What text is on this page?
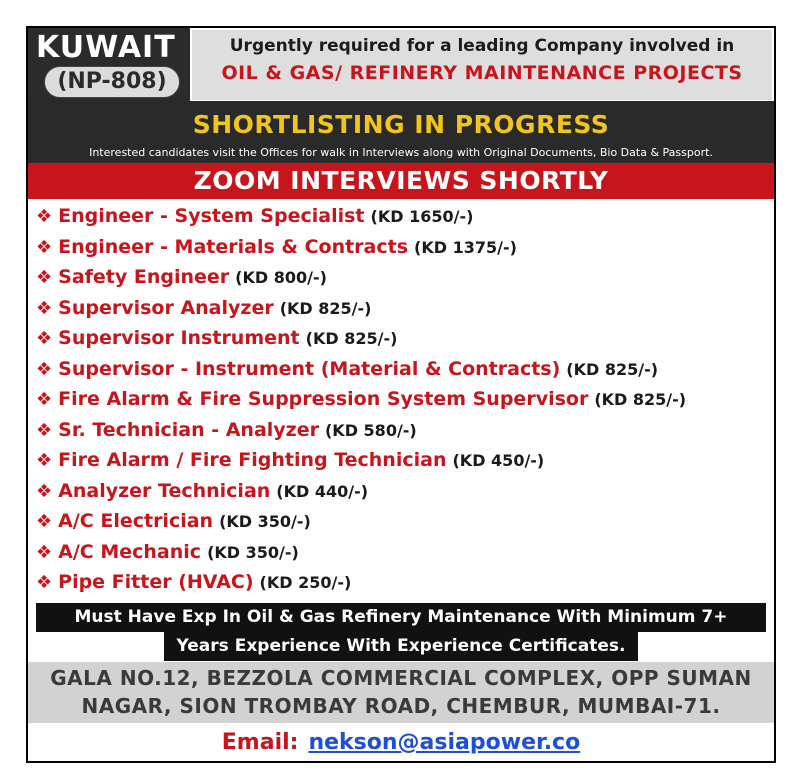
KUWAIT
(NP-808)
Urgently required for a leading Company involved in
OIL & GAS/ REFINERY MAINTENANCE PROJECTS
SHORTLISTING IN PROGRESS
Interested candidates visit the Offices for walk in Interviews along with Original Documents, Bio Data & Passport.
ZOOM INTERVIEWS SHORTLY
❖ Engineer - System Specialist (KD 1650/-)
❖ Engineer - Materials & Contracts (KD 1375/-)
❖ Safety Engineer (KD 800/-)
❖ Supervisor Analyzer (KD 825/-)
❖ Supervisor Instrument (KD 825/-)
❖ Supervisor - Instrument (Material & Contracts) (KD 825/-)
❖ Fire Alarm & Fire Suppression System Supervisor (KD 825/-)
❖ Sr. Technician - Analyzer (KD 580/-)
❖ Fire Alarm / Fire Fighting Technician (KD 450/-)
❖ Analyzer Technician (KD 440/-)
❖ A/C Electrician (KD 350/-)
❖ A/C Mechanic (KD 350/-)
❖ Pipe Fitter (HVAC) (KD 250/-)
Must Have Exp In Oil & Gas Refinery Maintenance With Minimum 7+
Years Experience With Experience Certificates.
GALA NO.12, BEZZOLA COMMERCIAL COMPLEX, OPP SUMAN
NAGAR, SION TROMBAY ROAD, CHEMBUR, MUMBAI-71.
Email: nekson@asiapower.co
